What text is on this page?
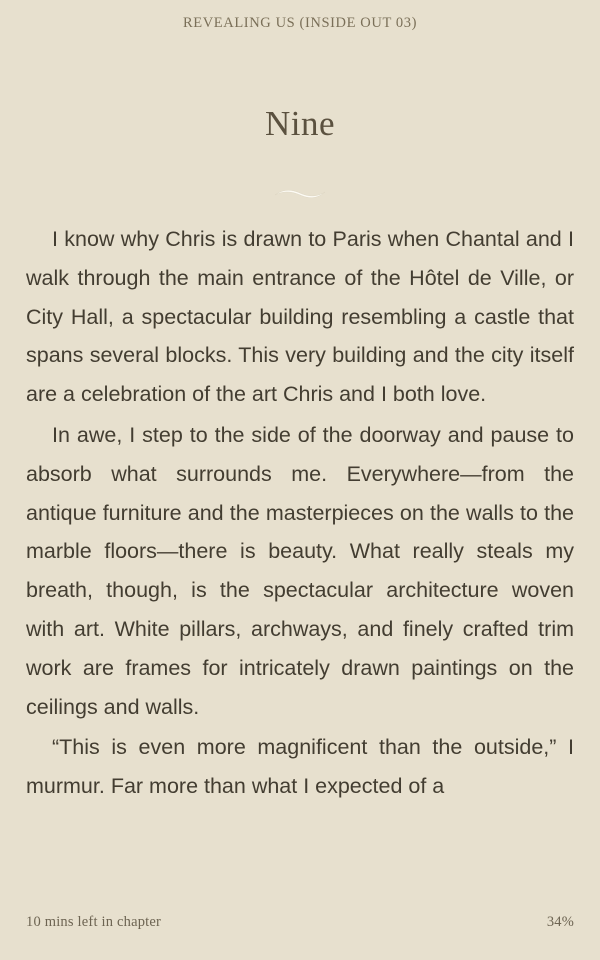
REVEALING US (INSIDE OUT 03)
Nine

I know why Chris is drawn to Paris when Chantal and I walk through the main entrance of the Hôtel de Ville, or City Hall, a spectacular building resembling a castle that spans several blocks. This very building and the city itself are a celebration of the art Chris and I both love.

In awe, I step to the side of the doorway and pause to absorb what surrounds me. Everywhere—from the antique furniture and the masterpieces on the walls to the marble floors—there is beauty. What really steals my breath, though, is the spectacular architecture woven with art. White pillars, archways, and finely crafted trim work are frames for intricately drawn paintings on the ceilings and walls.

“This is even more magnificent than the outside,” I murmur. Far more than what I expected of a

10 mins left in chapter	34%
